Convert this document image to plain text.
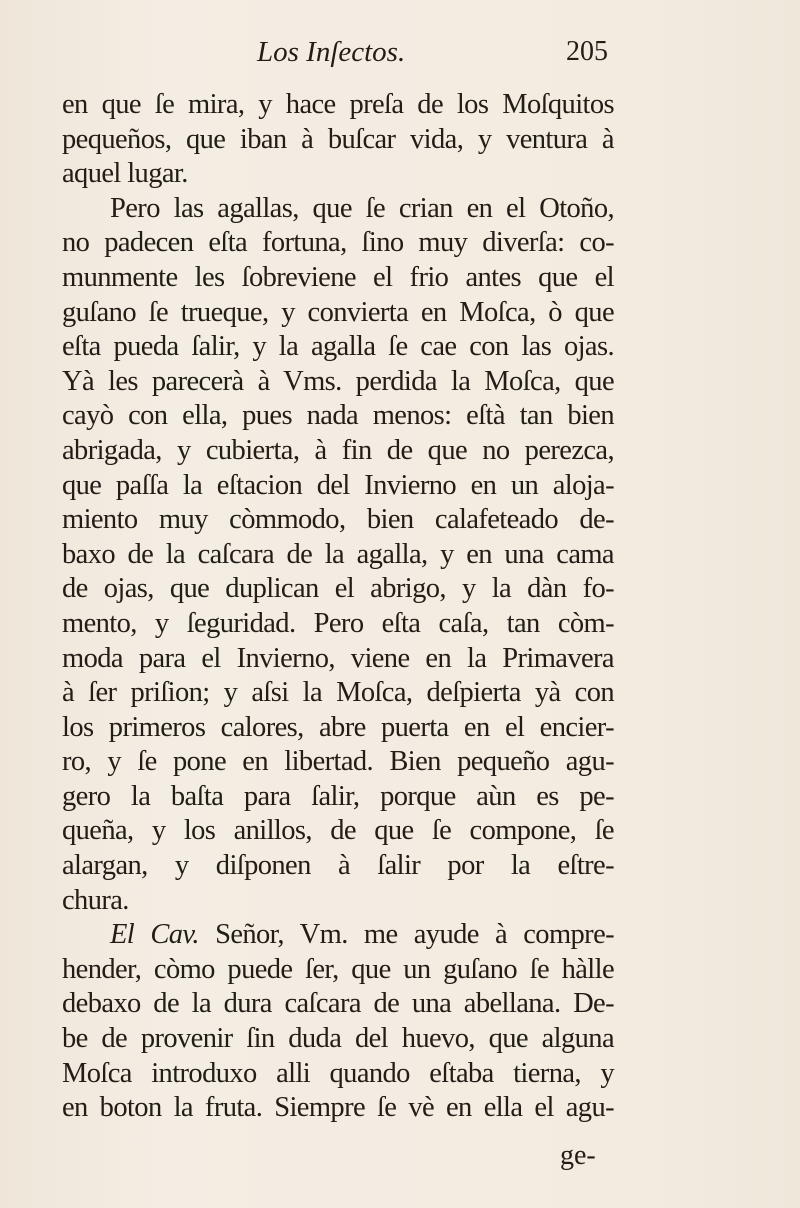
Los Inſectos.	205
en que ſe mira, y hace preſa de los Moſquitos
pequeños, que iban à buſcar vida, y ventura à
aquel lugar.
Pero las agallas, que ſe crian en el Otoño,
no padecen eſta fortuna, ſino muy diverſa: co-
munmente les ſobreviene el frio antes que el
guſano ſe trueque, y convierta en Moſca, ò que
eſta pueda ſalir, y la agalla ſe cae con las ojas.
Yà les parecerà à Vms. perdida la Moſca, que
cayò con ella, pues nada menos: eſtà tan bien
abrigada, y cubierta, à fin de que no perezca,
que paſſa la eſtacion del Invierno en un aloja-
miento muy còmmodo, bien calafeteado de-
baxo de la caſcara de la agalla, y en una cama
de ojas, que duplican el abrigo, y la dàn fo-
mento, y ſeguridad. Pero eſta caſa, tan còm-
moda para el Invierno, viene en la Primavera
à ſer priſion; y aſsi la Moſca, deſpierta yà con
los primeros calores, abre puerta en el encier-
ro, y ſe pone en libertad. Bien pequeño agu-
gero la baſta para ſalir, porque aùn es pe-
queña, y los anillos, de que ſe compone, ſe
alargan, y diſponen à ſalir por la eſtre-
chura.
El Cav. Señor, Vm. me ayude à compre-
hender, còmo puede ſer, que un guſano ſe hàlle
debaxo de la dura caſcara de una abellana. De-
be de provenir ſin duda del huevo, que alguna
Moſca introduxo alli quando eſtaba tierna, y
en boton la fruta. Siempre ſe vè en ella el agu-
ge-
